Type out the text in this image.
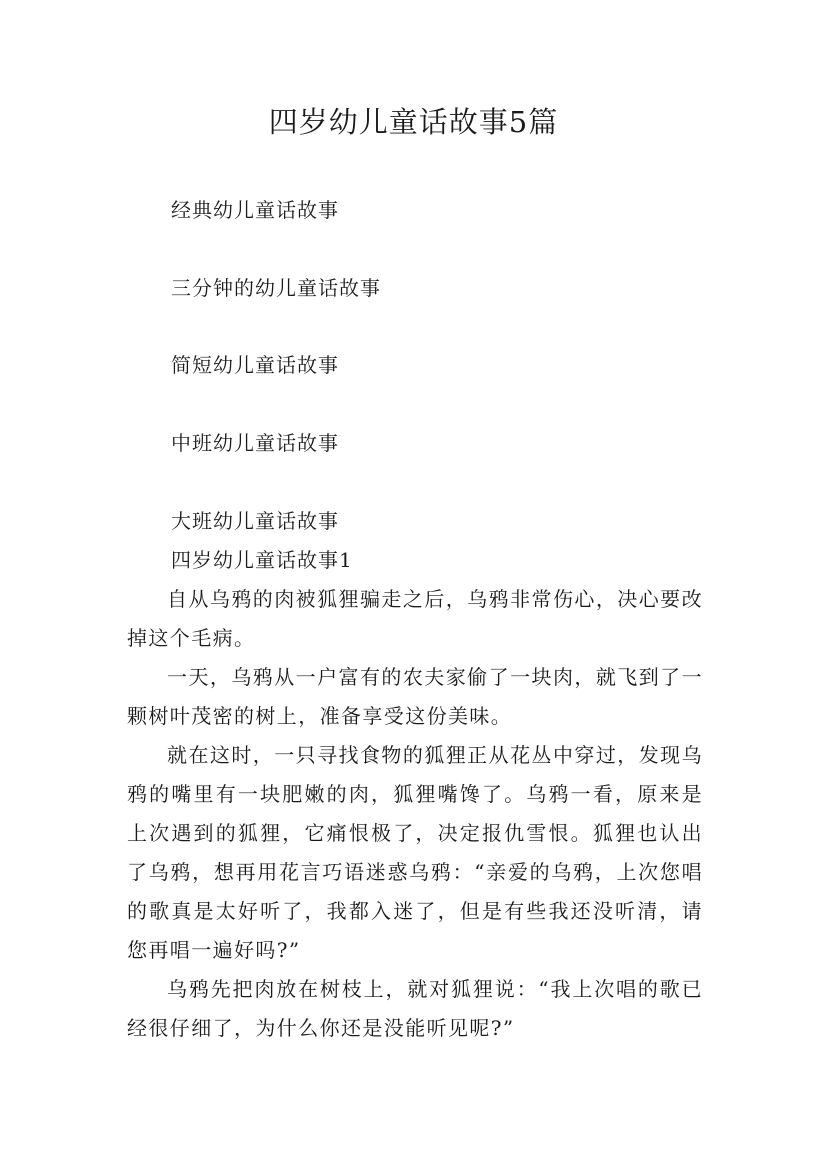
四岁幼儿童话故事5篇
经典幼儿童话故事
三分钟的幼儿童话故事
简短幼儿童话故事
中班幼儿童话故事
大班幼儿童话故事
四岁幼儿童话故事1

自从乌鸦的肉被狐狸骗走之后，乌鸦非常伤心，决心要改掉这个毛病。

一天，乌鸦从一户富有的农夫家偷了一块肉，就飞到了一颗树叶茂密的树上，准备享受这份美味。

就在这时，一只寻找食物的狐狸正从花丛中穿过，发现乌鸦的嘴里有一块肥嫩的肉，狐狸嘴馋了。乌鸦一看，原来是上次遇到的狐狸，它痛恨极了，决定报仇雪恨。狐狸也认出了乌鸦，想再用花言巧语迷惑乌鸦：“亲爱的乌鸦，上次您唱的歌真是太好听了，我都入迷了，但是有些我还没听清，请您再唱一遍好吗?”

乌鸦先把肉放在树枝上，就对狐狸说：“我上次唱的歌已经很仔细了，为什么你还是没能听见呢?”
